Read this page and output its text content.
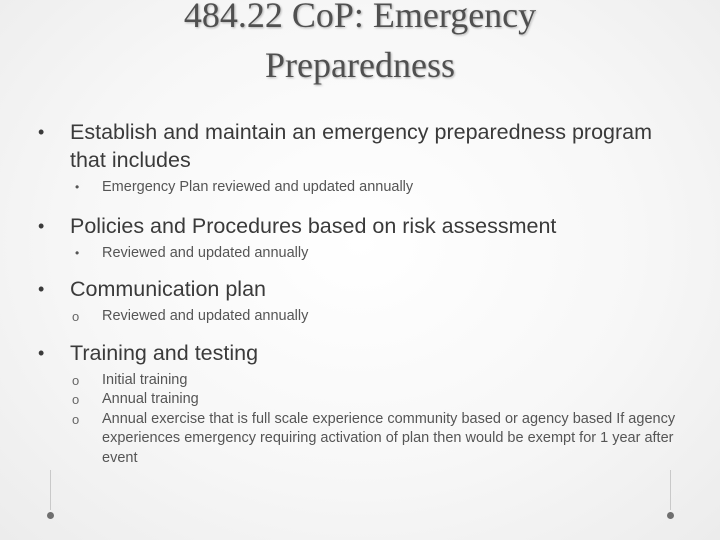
484.22 CoP: Emergency
Preparedness
• Establish and maintain an emergency preparedness program that includes
• Emergency Plan reviewed and updated annually
• Policies and Procedures based on risk assessment
• Reviewed and updated annually
• Communication plan
o Reviewed and updated annually
• Training and testing
o Initial training
o Annual training
o Annual exercise that is full scale experience community based or agency based If agency experiences emergency requiring activation of plan then would be exempt for 1 year after event
